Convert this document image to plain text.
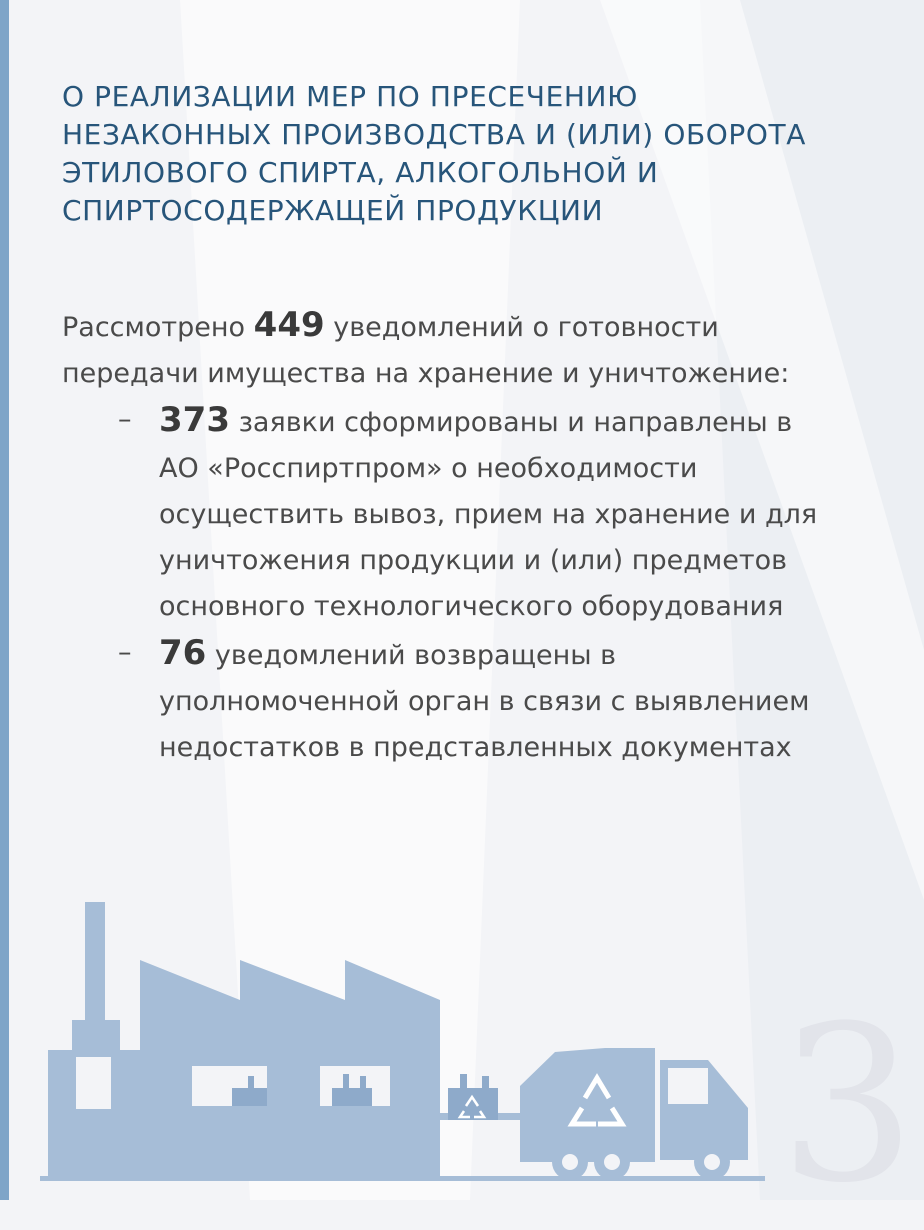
О РЕАЛИЗАЦИИ МЕР ПО ПРЕСЕЧЕНИЮ
НЕЗАКОННЫХ ПРОИЗВОДСТВА И (ИЛИ) ОБОРОТА
ЭТИЛОВОГО СПИРТА, АЛКОГОЛЬНОЙ И
СПИРТОСОДЕРЖАЩЕЙ ПРОДУКЦИИ
Рассмотрено 449 уведомлений о готовности
передачи имущества на хранение и уничтожение:
– 373 заявки сформированы и направлены в
АО «Росспиртпром» о необходимости
осуществить вывоз, прием на хранение и для
уничтожения продукции и (или) предметов
основного технологического оборудования
– 76 уведомлений возвращены в
уполномоченной орган в связи с выявлением
недостатков в представленных документах
3
